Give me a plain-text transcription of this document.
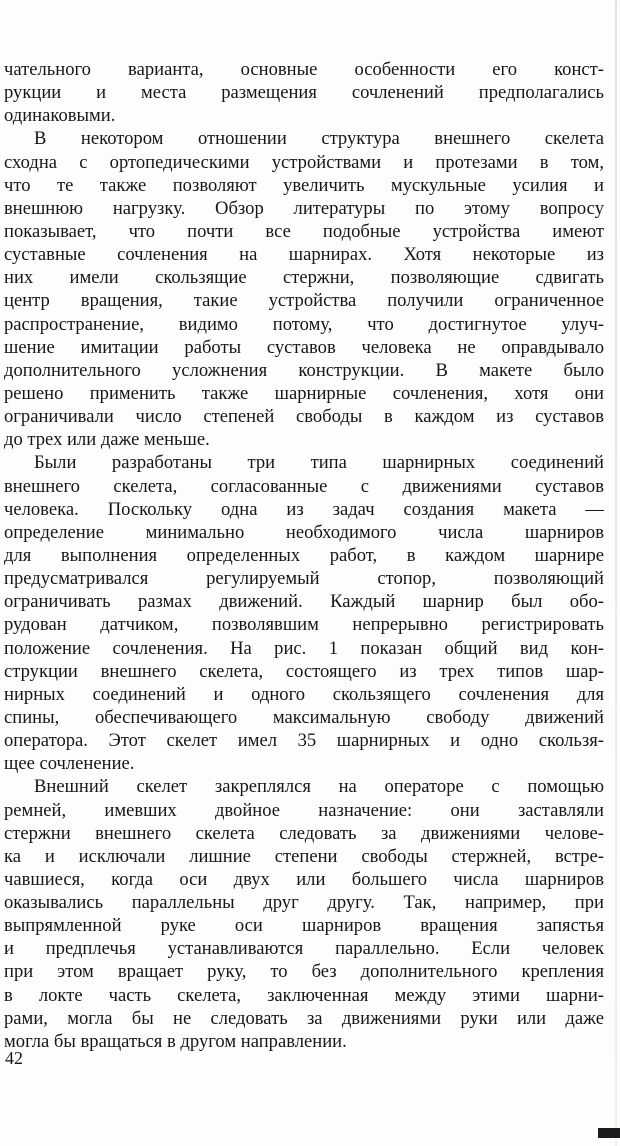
чательного варианта, основные особенности его конст-
рукции и места размещения сочленений предполагались
одинаковыми.
В некотором отношении структура внешнего скелета
сходна с ортопедическими устройствами и протезами в том,
что те также позволяют увеличить мускульные усилия и
внешнюю нагрузку. Обзор литературы по этому вопросу
показывает, что почти все подобные устройства имеют
суставные сочленения на шарнирах. Хотя некоторые из
них имели скользящие стержни, позволяющие сдвигать
центр вращения, такие устройства получили ограниченное
распространение, видимо потому, что достигнутое улуч-
шение имитации работы суставов человека не оправдывало
дополнительного усложнения конструкции. В макете было
решено применить также шарнирные сочленения, хотя они
ограничивали число степеней свободы в каждом из суставов
до трех или даже меньше.
Были разработаны три типа шарнирных соединений
внешнего скелета, согласованные с движениями суставов
человека. Поскольку одна из задач создания макета —
определение минимально необходимого числа шарниров
для выполнения определенных работ, в каждом шарнире
предусматривался регулируемый стопор, позволяющий
ограничивать размах движений. Каждый шарнир был обо-
рудован датчиком, позволявшим непрерывно регистрировать
положение сочленения. На рис. 1 показан общий вид кон-
струкции внешнего скелета, состоящего из трех типов шар-
нирных соединений и одного скользящего сочленения для
спины, обеспечивающего максимальную свободу движений
оператора. Этот скелет имел 35 шарнирных и одно скользя-
щее сочленение.
Внешний скелет закреплялся на операторе с помощью
ремней, имевших двойное назначение: они заставляли
стержни внешнего скелета следовать за движениями челове-
ка и исключали лишние степени свободы стержней, встре-
чавшиеся, когда оси двух или большего числа шарниров
оказывались параллельны друг другу. Так, например, при
выпрямленной руке оси шарниров вращения запястья
и предплечья устанавливаются параллельно. Если человек
при этом вращает руку, то без дополнительного крепления
в локте часть скелета, заключенная между этими шарни-
рами, могла бы не следовать за движениями руки или даже
могла бы вращаться в другом направлении.
42
